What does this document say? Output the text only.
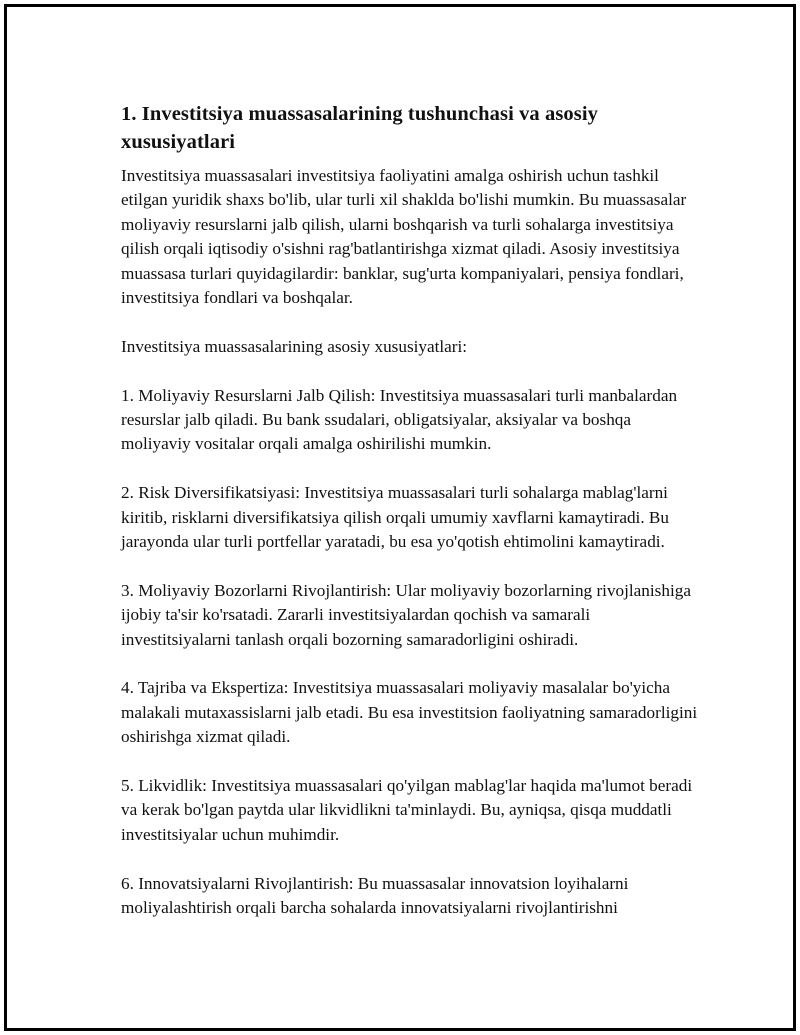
1. Investitsiya muassasalarining tushunchasi va asosiy xususiyatlari

Investitsiya muassasalari investitsiya faoliyatini amalga oshirish uchun tashkil etilgan yuridik shaxs bo'lib, ular turli xil shaklda bo'lishi mumkin. Bu muassasalar moliyaviy resurslarni jalb qilish, ularni boshqarish va turli sohalarga investitsiya qilish orqali iqtisodiy o'sishni rag'batlantirishga xizmat qiladi. Asosiy investitsiya muassasa turlari quyidagilardir: banklar, sug'urta kompaniyalari, pensiya fondlari, investitsiya fondlari va boshqalar.

Investitsiya muassasalarining asosiy xususiyatlari:

1. Moliyaviy Resurslarni Jalb Qilish: Investitsiya muassasalari turli manbalardan resurslar jalb qiladi. Bu bank ssudalari, obligatsiyalar, aksiyalar va boshqa moliyaviy vositalar orqali amalga oshirilishi mumkin.

2. Risk Diversifikatsiyasi: Investitsiya muassasalari turli sohalarga mablag'larni kiritib, risklarni diversifikatsiya qilish orqali umumiy xavflarni kamaytiradi. Bu jarayonda ular turli portfellar yaratadi, bu esa yo'qotish ehtimolini kamaytiradi.

3. Moliyaviy Bozorlarni Rivojlantirish: Ular moliyaviy bozorlarning rivojlanishiga ijobiy ta'sir ko'rsatadi. Zararli investitsiyalardan qochish va samarali investitsiyalarni tanlash orqali bozorning samaradorligini oshiradi.

4. Tajriba va Ekspertiza: Investitsiya muassasalari moliyaviy masalalar bo'yicha malakali mutaxassislarni jalb etadi. Bu esa investitsion faoliyatning samaradorligini oshirishga xizmat qiladi.

5. Likvidlik: Investitsiya muassasalari qo'yilgan mablag'lar haqida ma'lumot beradi va kerak bo'lgan paytda ular likvidlikni ta'minlaydi. Bu, ayniqsa, qisqa muddatli investitsiyalar uchun muhimdir.

6. Innovatsiyalarni Rivojlantirish: Bu muassasalar innovatsion loyihalarni moliyalashtirish orqali barcha sohalarda innovatsiyalarni rivojlantirishni
